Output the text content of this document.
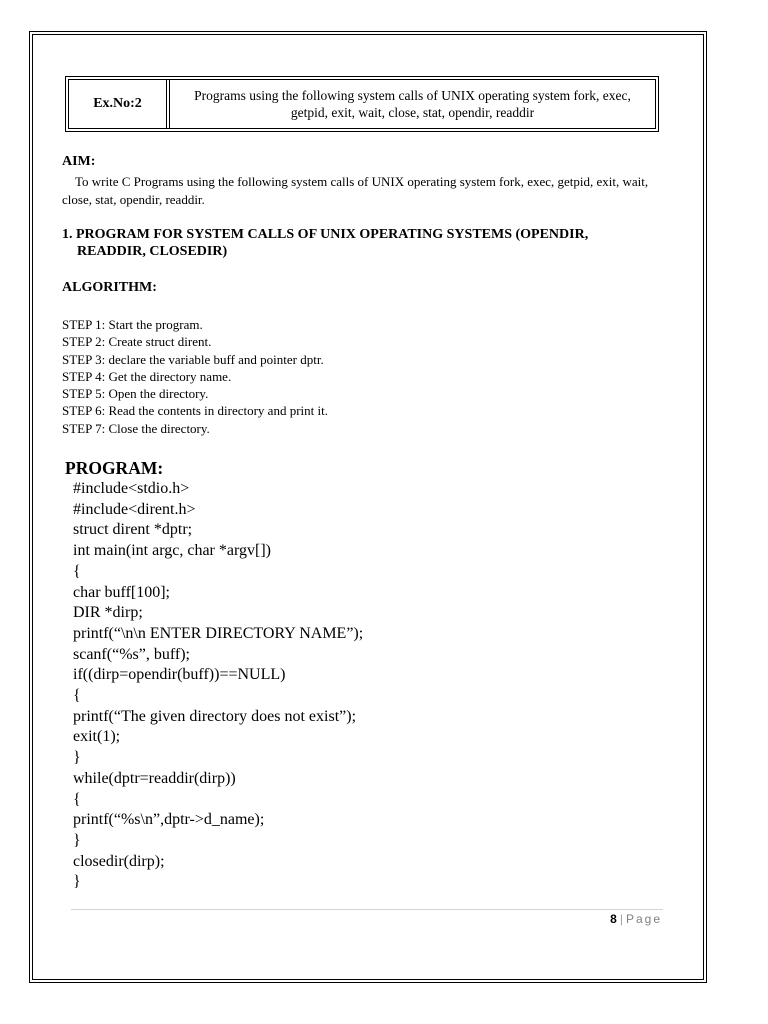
Ex.No:2
Programs using the following system calls of UNIX operating system fork, exec, getpid, exit, wait, close, stat, opendir, readdir
AIM:
To write C Programs using the following system calls of UNIX operating system fork, exec, getpid, exit, wait, close, stat, opendir, readdir.
1. PROGRAM FOR SYSTEM CALLS OF UNIX OPERATING SYSTEMS (OPENDIR,
READDIR, CLOSEDIR)
ALGORITHM:
STEP 1: Start the program.
STEP 2: Create struct dirent.
STEP 3: declare the variable buff and pointer dptr.
STEP 4: Get the directory name.
STEP 5: Open the directory.
STEP 6: Read the contents in directory and print it.
STEP 7: Close the directory.
PROGRAM:
#include<stdio.h>
#include<dirent.h>
struct dirent *dptr;
int main(int argc, char *argv[])
{
char buff[100];
DIR *dirp;
printf(“\n\n ENTER DIRECTORY NAME”);
scanf(“%s”, buff);
if((dirp=opendir(buff))==NULL)
{
printf(“The given directory does not exist”);
exit(1);
}
while(dptr=readdir(dirp))
{
printf(“%s\n”,dptr->d_name);
}
closedir(dirp);
}
8 | Page
